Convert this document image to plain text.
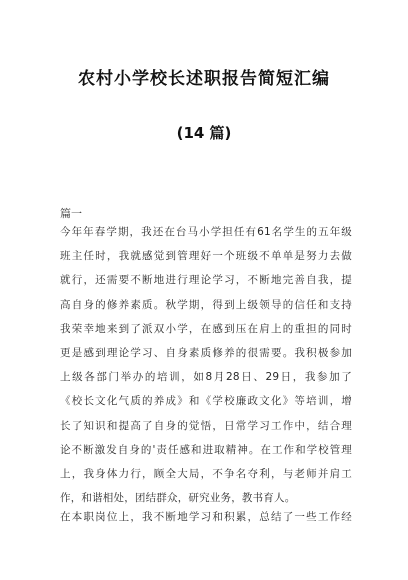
农村小学校长述职报告简短汇编
(14 篇)

篇一

今年年春学期，我还在台马小学担任有61名学生的五年级
班主任时，我就感觉到管理好一个班级不单单是努力去做
就行，还需要不断地进行理论学习，不断地完善自我，提
高自身的修养素质。秋学期，得到上级领导的信任和支持
我荣幸地来到了派双小学，在感到压在肩上的重担的同时
更是感到理论学习、自身素质修养的很需要。我积极参加
上级各部门举办的培训，如8月28日、29日，我参加了
《校长文化气质的养成》和《学校廉政文化》等培训，增
长了知识和提高了自身的觉悟，日常学习工作中，结合理
论不断激发自身的'责任感和进取精神。在工作和学校管理
上，我身体力行，顾全大局，不争名夺利，与老师并肩工
作，和谐相处，团结群众，研究业务，教书育人。
在本职岗位上，我不断地学习和积累，总结了一些工作经
